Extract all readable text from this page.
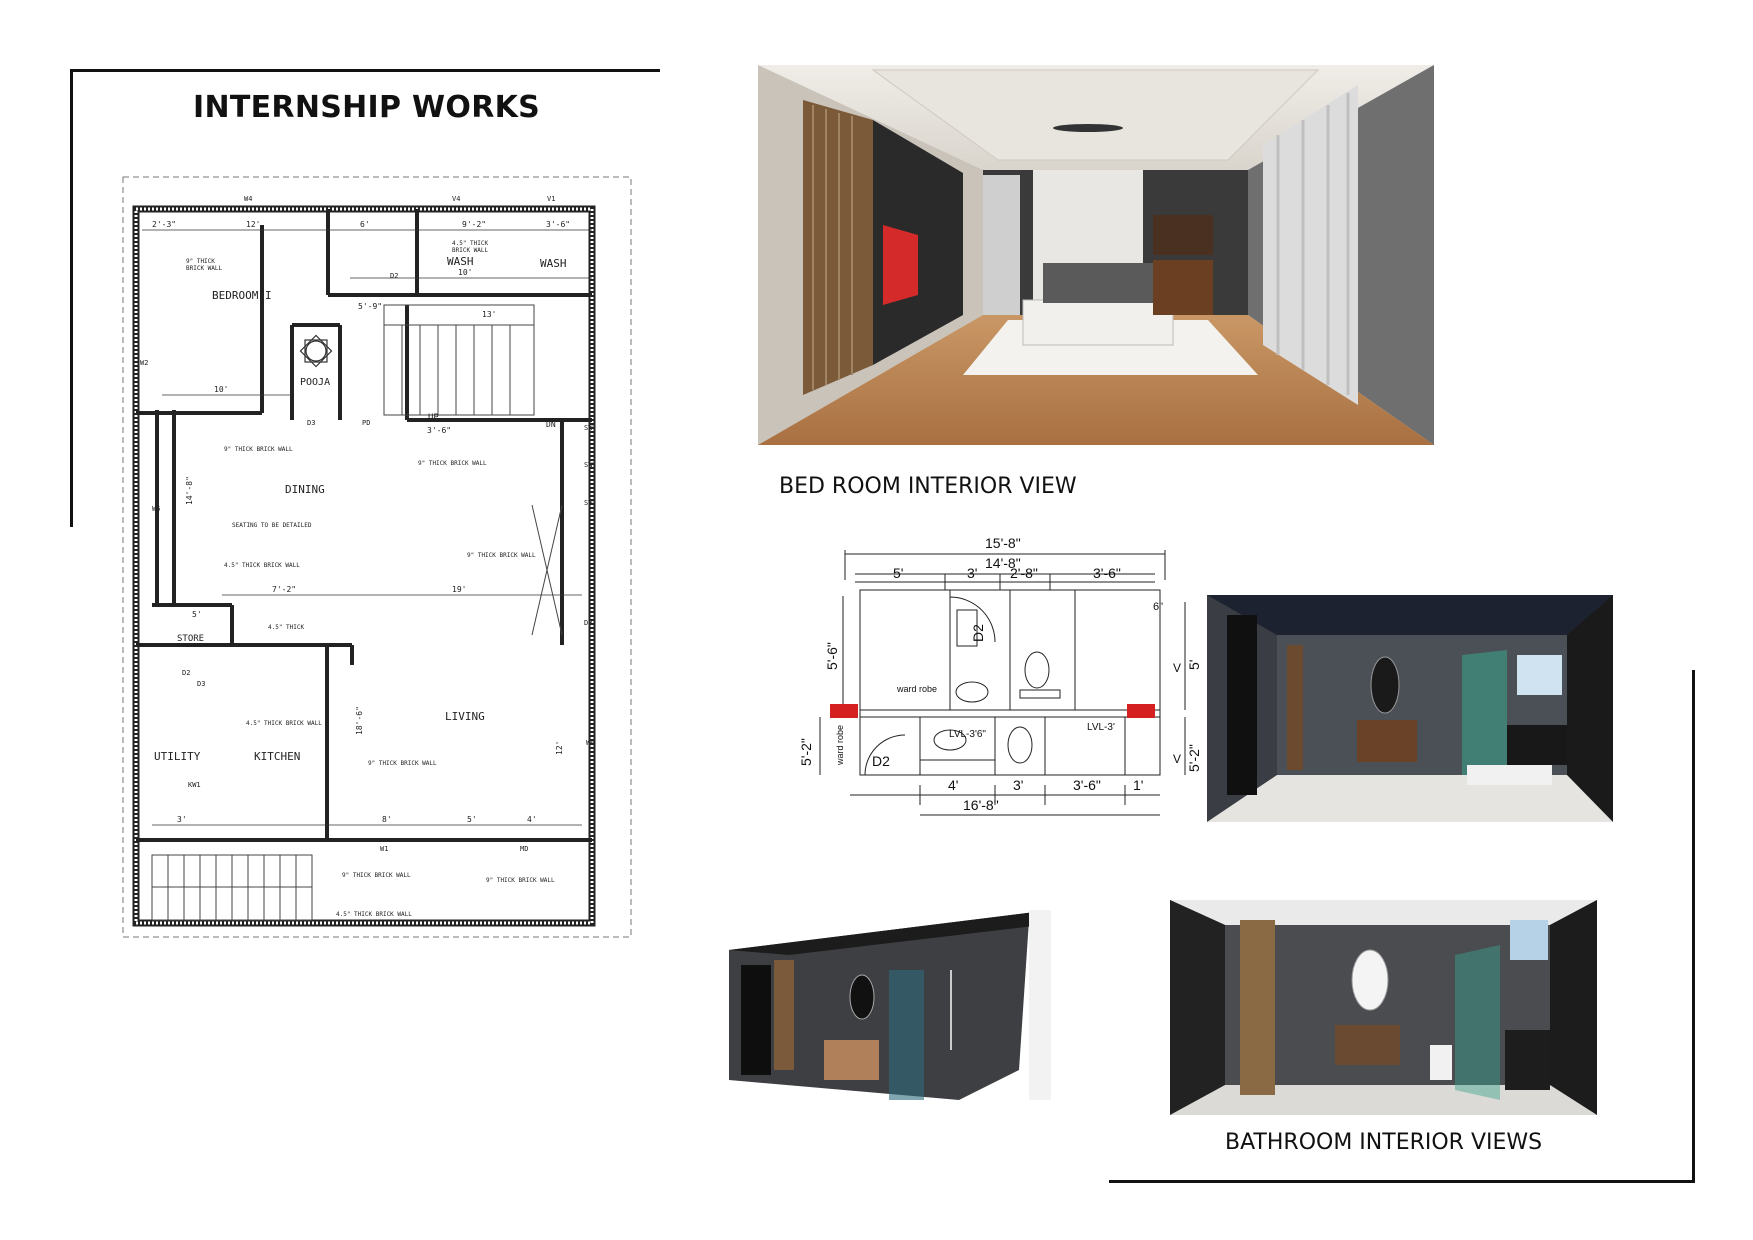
INTERNSHIP WORKS
BEDROOM-I
WASH	WASH
POOJA
DINING
LIVING
KITCHEN
UTILITY
STORE
UP
DN
9" THICK
BRICK WALL
4.5" THICK
BRICK WALL
9" THICK BRICK WALL
9" THICK BRICK WALL
SEATING TO BE DETAILED
4.5" THICK BRICK WALL
9" THICK BRICK WALL
4.5" THICK
4.5" THICK BRICK WALL
9" THICK BRICK WALL
9" THICK BRICK WALL
9" THICK BRICK WALL
4.5" THICK BRICK WALL
2'-3"	12'	6'	9'-2"	3'-6"
10'
5'-9"
10'
3'-6"
7'-2"	19'
5'
8'	5'	4'
3'
13'
14'-8"
18'-6"
12'
W4	V4	V1
W2
W5
W6
D2
D2
D3
D3
D3
PD
SW
SW
SW
KW1
W1	MD
BED ROOM INTERIOR VIEW
15'-8"
14'-8"
5'	3' 2'-8"	3'-6"
4'	3'	3'-6" 1'
16'-8"
5'-6"
5'-2"
5'
5'-2"
6"
D2
D2
ward robe
ward robe	LVL-3'6"
LVL-3'
V
V
BATHROOM INTERIOR VIEWS
